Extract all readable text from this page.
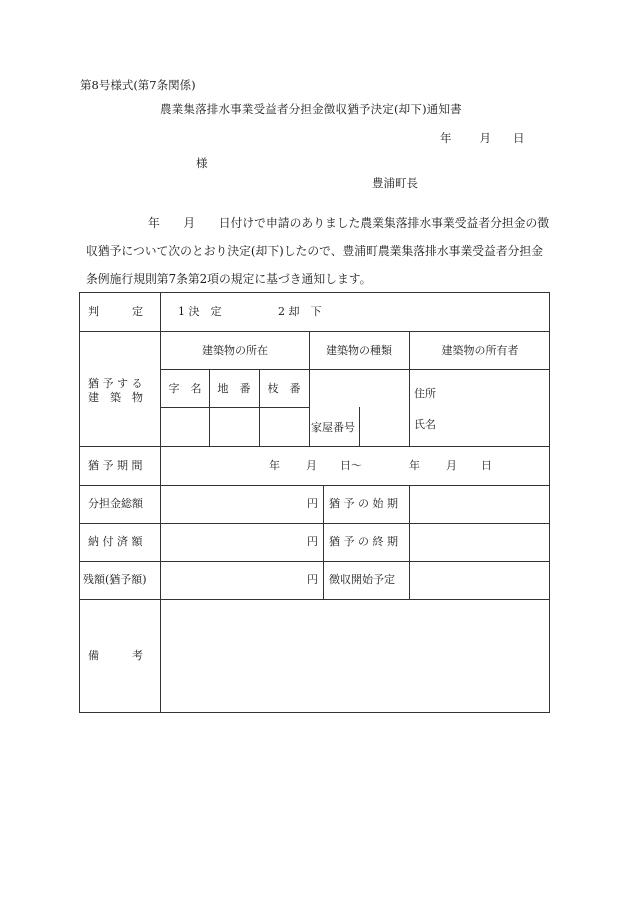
第8号様式(第7条関係)
農業集落排水事業受益者分担金徴収猶予決定(却下)通知書
年 月 日
様
豊浦町長
年　　月　　日付けで申請のありました農業集落排水事業受益者分担金の徴
収猶予について次のとおり決定(却下)したので、豊浦町農業集落排水事業受益者分担金
条例施行規則第7条第2項の規定に基づき通知します。
判　　　定	1 決　定	2 却　下
建築物の所在	建築物の種類	建築物の所有者
猶 予 す る
建　築　物
字　名 地　番 枝　番
家屋番号
住所
氏名
猶 予 期 間	年 月 日〜	年 月 日
分担金総額	円 猶 予 の 始 期
納 付 済 額	円 猶 予 の 終 期
残額(猶予額)	円 徴収開始予定
備　　　考
